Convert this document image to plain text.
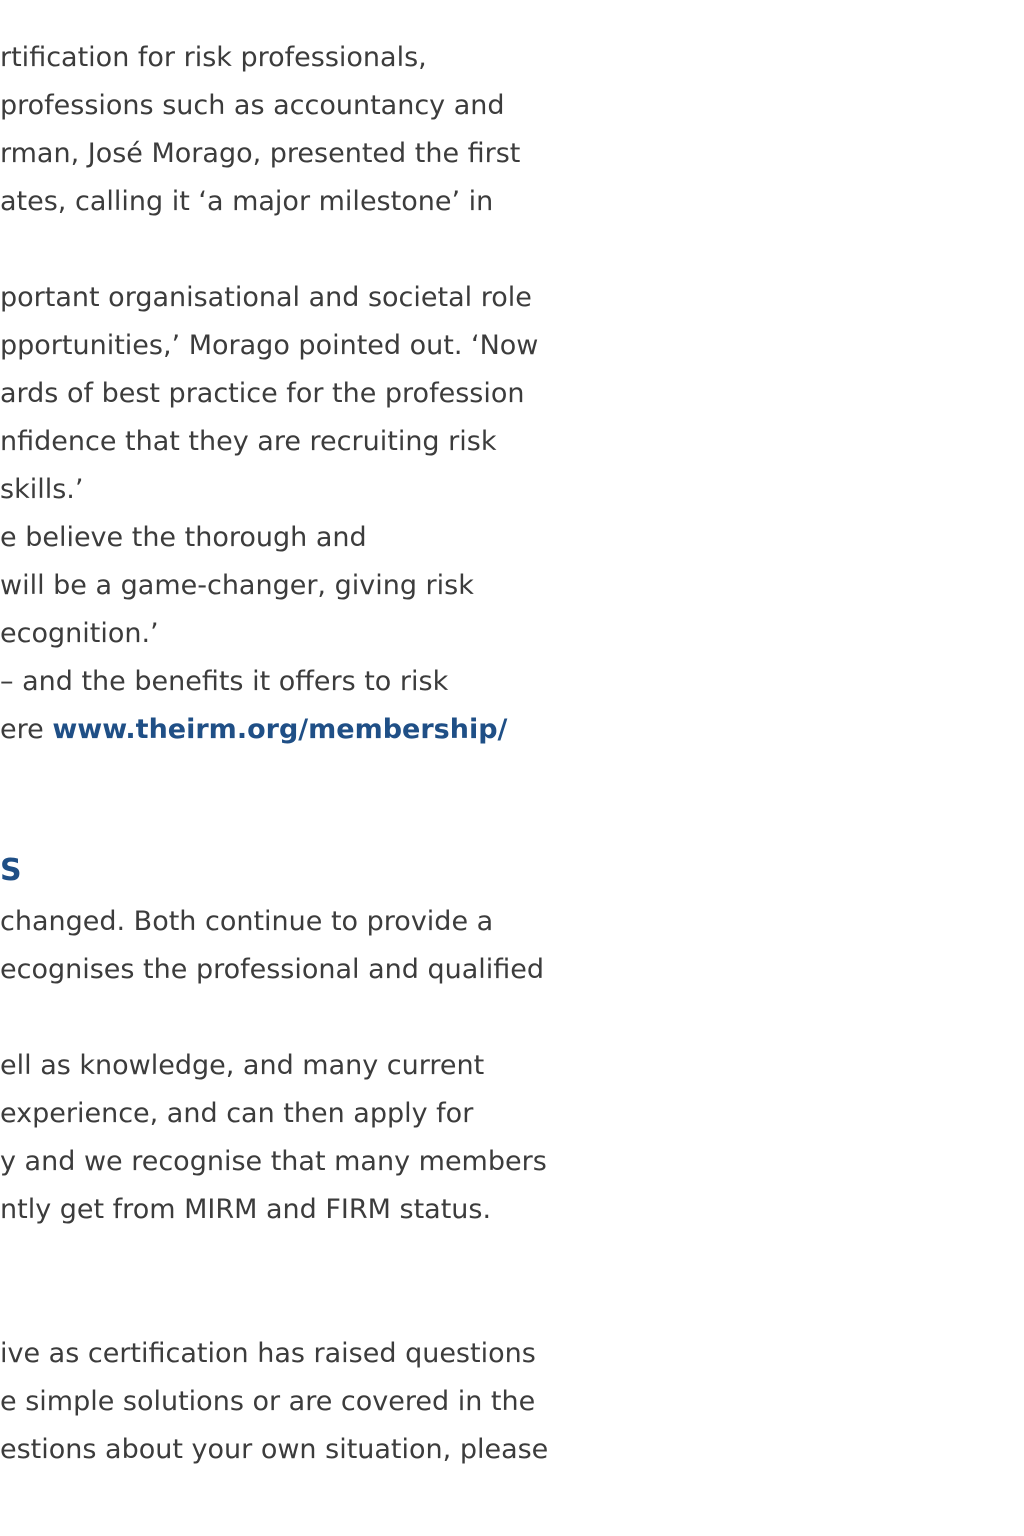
rtification for risk professionals,
professions such as accountancy and
rman, José Morago, presented the first
ates, calling it ‘a major milestone’ in
portant organisational and societal role
pportunities,’ Morago pointed out. ‘Now
ards of best practice for the profession
nfidence that they are recruiting risk
skills.’
e believe the thorough and
will be a game-changer, giving risk
ecognition.’
– and the benefits it offers to risk
ere www.theirm.org/membership/
S
changed. Both continue to provide a
ecognises the professional and qualified
ell as knowledge, and many current
experience, and can then apply for
y and we recognise that many members
ntly get from MIRM and FIRM status.
ive as certification has raised questions
e simple solutions or are covered in the
estions about your own situation, please
